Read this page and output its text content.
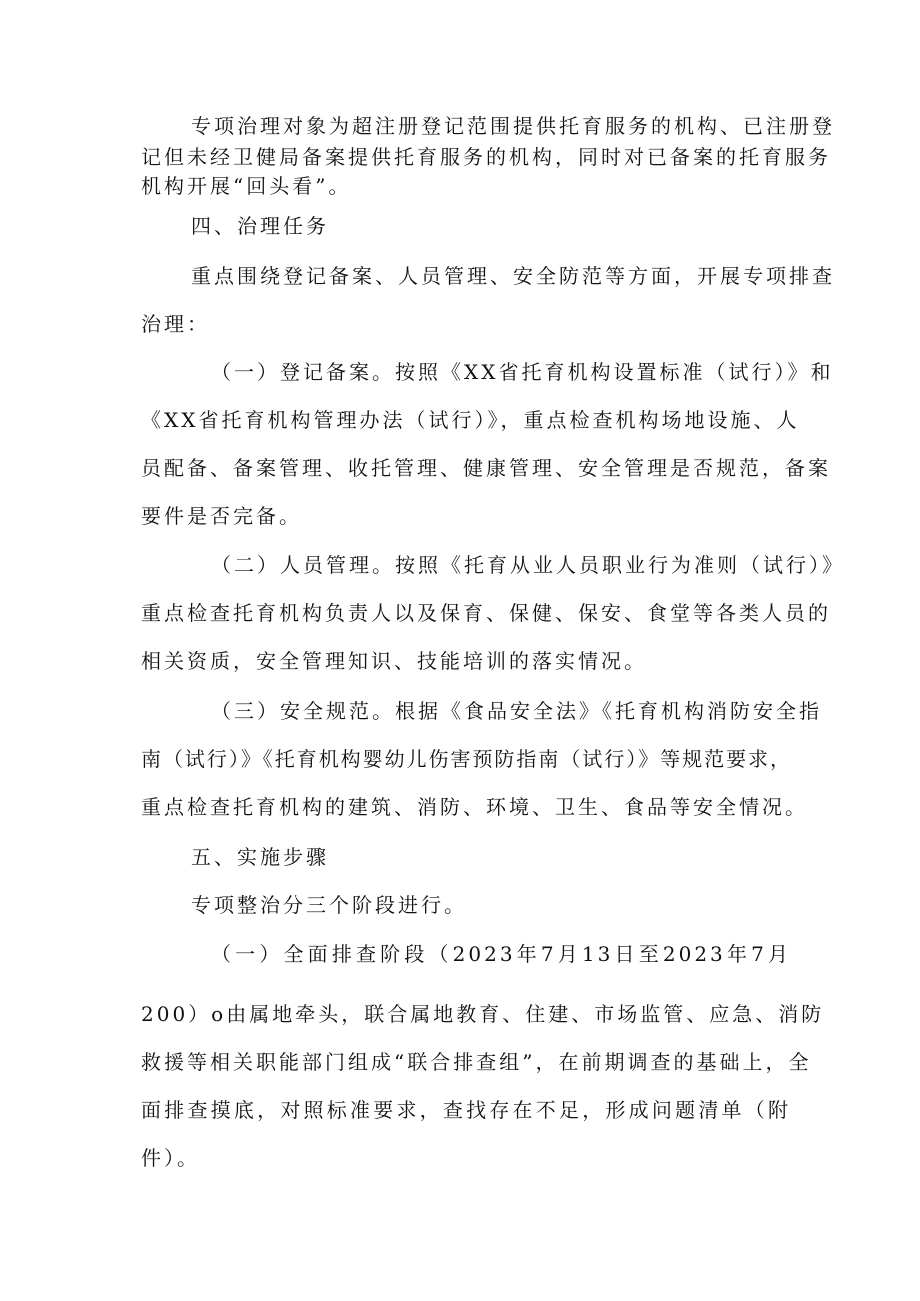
专项治理对象为超注册登记范围提供托育服务的机构、已注册登
记但未经卫健局备案提供托育服务的机构，同时对已备案的托育服务
机构开展“回头看”。
四、治理任务
重点围绕登记备案、人员管理、安全防范等方面，开展专项排查
治理：
（一）登记备案。按照《XX省托育机构设置标准（试行）》和
《XX省托育机构管理办法（试行）》，重点检查机构场地设施、人
员配备、备案管理、收托管理、健康管理、安全管理是否规范，备案
要件是否完备。
（二）人员管理。按照《托育从业人员职业行为准则（试行）》
重点检查托育机构负责人以及保育、保健、保安、食堂等各类人员的
相关资质，安全管理知识、技能培训的落实情况。
（三）安全规范。根据《食品安全法》《托育机构消防安全指
南（试行）》《托育机构婴幼儿伤害预防指南（试行）》等规范要求，
重点检查托育机构的建筑、消防、环境、卫生、食品等安全情况。
五、实施步骤
专项整治分三个阶段进行。
（一）全面排查阶段（2023年7月13日至2023年7月
200）o由属地牵头，联合属地教育、住建、市场监管、应急、消防
救援等相关职能部门组成“联合排查组”，在前期调查的基础上，全
面排查摸底，对照标准要求，查找存在不足，形成问题清单（附
件）。
